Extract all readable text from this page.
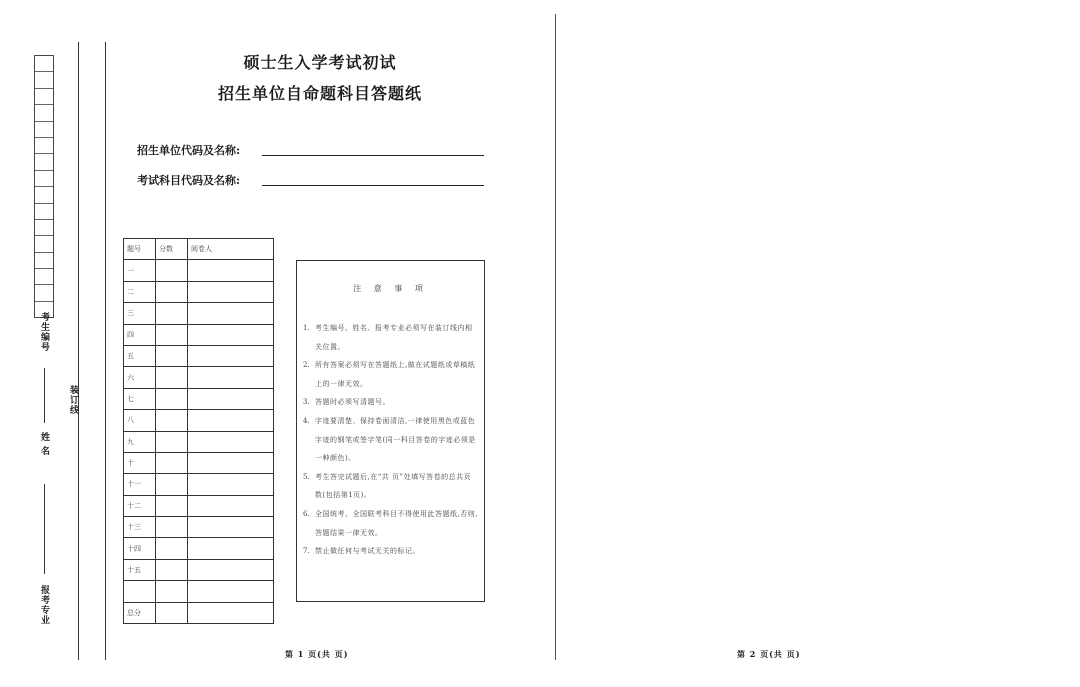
考生编号
姓 名
报考专业
装订线
硕士生入学考试初试
招生单位自命题科目答题纸
招生单位代码及名称:
考试科目代码及名称:
题号	分数	阅卷人
一		
二		
三		
四		
五		
六		
七		
八		
九		
十		
十一		
十二		
十三		
十四		
十五		

总分		
注 意 事 项
1. 考生编号、姓名、报考专业必须写在装订线内相关位置。
2. 所有答案必须写在答题纸上,做在试题纸或草稿纸上的一律无效。
3. 答题时必须写清题号。
4. 字迹要清楚、保持卷面清洁,一律使用黑色或蓝色字迹的钢笔或签字笔(同一科目答卷的字迹必须是一种颜色)。
5. 考生答完试题后,在“共 页”处填写答卷的总共页数(包括第1页)。
6. 全国统考、全国联考科目不得使用此答题纸,否则,答题结果一律无效。
7. 禁止做任何与考试无关的标记。
第 1 页(共 页)	第 2 页(共 页)
